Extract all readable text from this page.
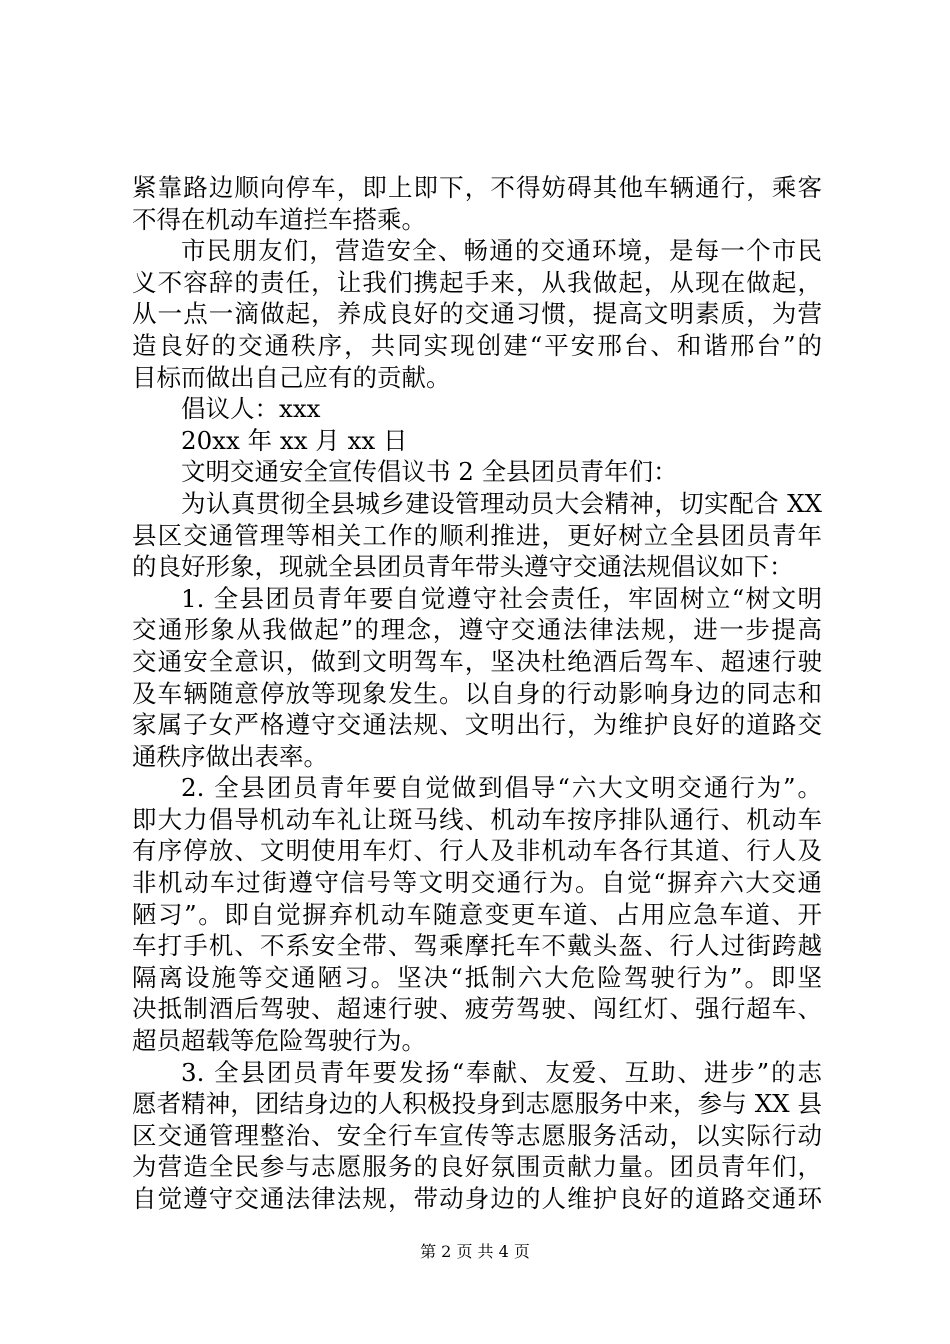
紧靠路边顺向停车，即上即下，不得妨碍其他车辆通行，乘客
不得在机动车道拦车搭乘。
市民朋友们，营造安全、畅通的交通环境，是每一个市民
义不容辞的责任，让我们携起手来，从我做起，从现在做起，
从一点一滴做起，养成良好的交通习惯，提高文明素质，为营
造良好的交通秩序，共同实现创建“平安邢台、和谐邢台”的
目标而做出自己应有的贡献。
倡议人：xxx
20xx 年 xx 月 xx 日
文明交通安全宣传倡议书 2 全县团员青年们：
为认真贯彻全县城乡建设管理动员大会精神，切实配合 XX
县区交通管理等相关工作的顺利推进，更好树立全县团员青年
的良好形象，现就全县团员青年带头遵守交通法规倡议如下：
1. 全县团员青年要自觉遵守社会责任，牢固树立“树文明
交通形象从我做起”的理念，遵守交通法律法规，进一步提高
交通安全意识，做到文明驾车，坚决杜绝酒后驾车、超速行驶
及车辆随意停放等现象发生。以自身的行动影响身边的同志和
家属子女严格遵守交通法规、文明出行，为维护良好的道路交
通秩序做出表率。
2. 全县团员青年要自觉做到倡导“六大文明交通行为”。
即大力倡导机动车礼让斑马线、机动车按序排队通行、机动车
有序停放、文明使用车灯、行人及非机动车各行其道、行人及
非机动车过街遵守信号等文明交通行为。自觉“摒弃六大交通
陋习”。即自觉摒弃机动车随意变更车道、占用应急车道、开
车打手机、不系安全带、驾乘摩托车不戴头盔、行人过街跨越
隔离设施等交通陋习。坚决“抵制六大危险驾驶行为”。即坚
决抵制酒后驾驶、超速行驶、疲劳驾驶、闯红灯、强行超车、
超员超载等危险驾驶行为。
3. 全县团员青年要发扬“奉献、友爱、互助、进步”的志
愿者精神，团结身边的人积极投身到志愿服务中来，参与 XX 县
区交通管理整治、安全行车宣传等志愿服务活动，以实际行动
为营造全民参与志愿服务的良好氛围贡献力量。团员青年们，
自觉遵守交通法律法规，带动身边的人维护良好的道路交通环
第 2 页 共 4 页
